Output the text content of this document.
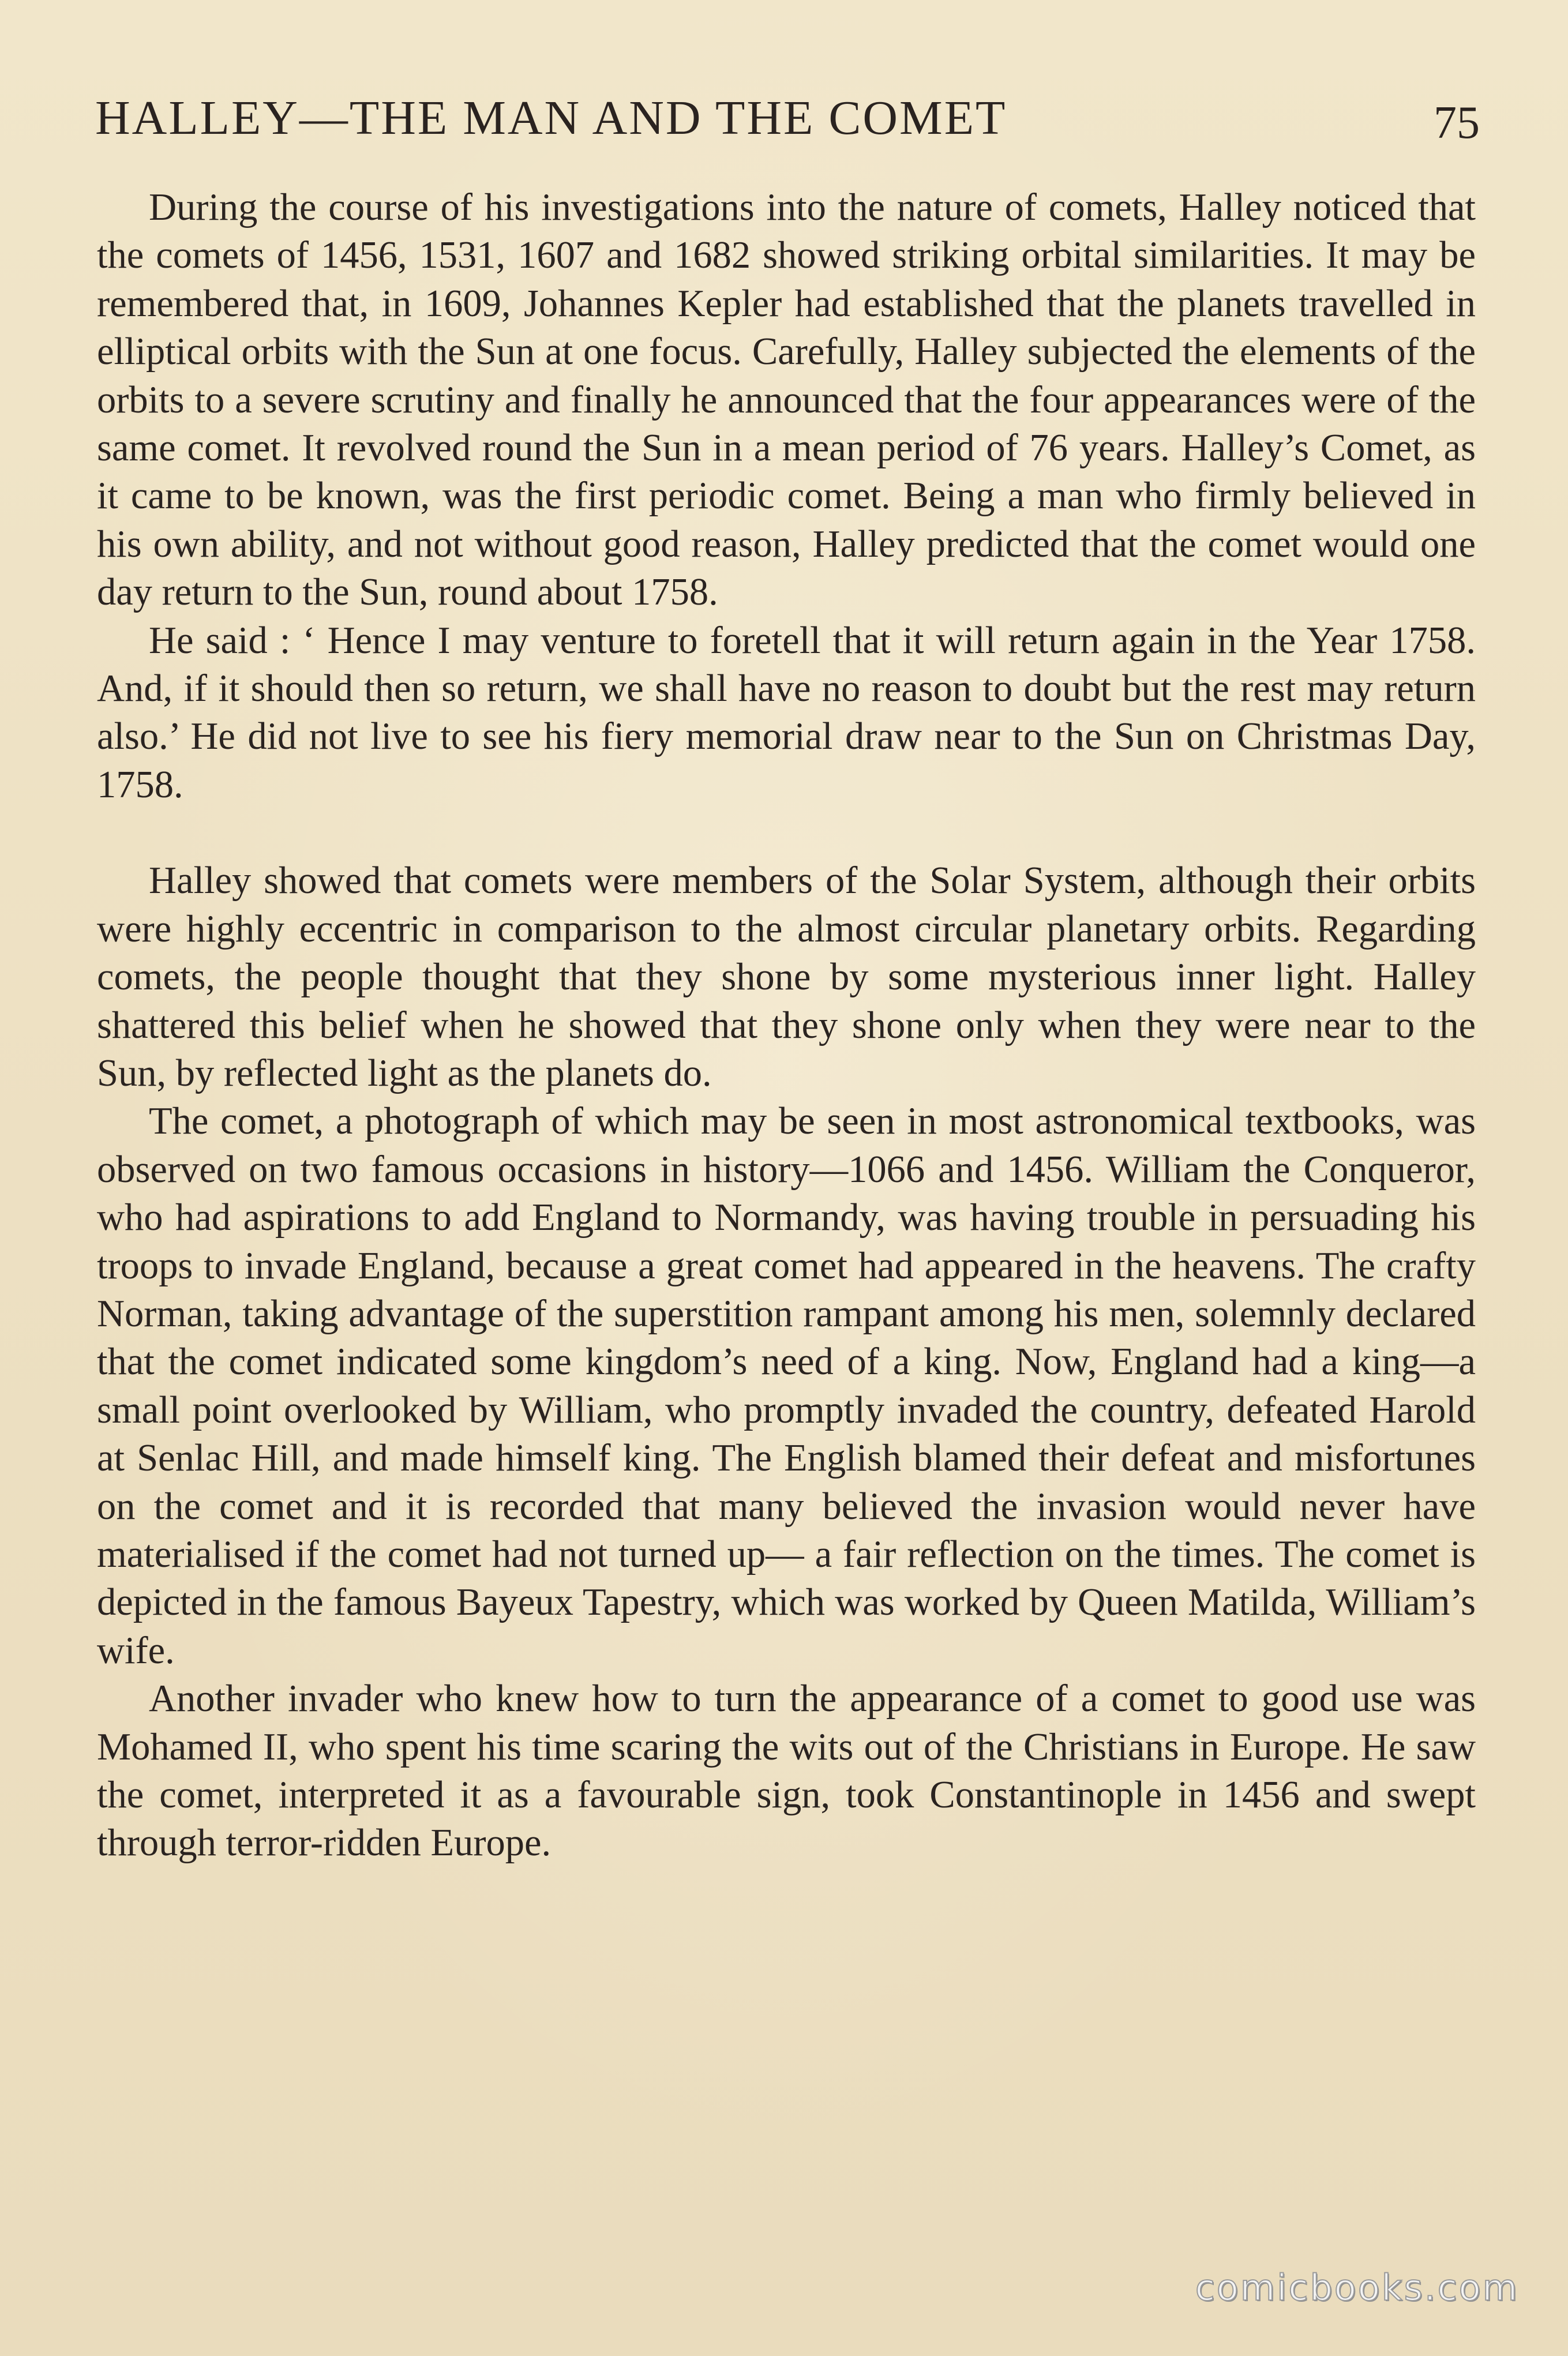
HALLEY—THE MAN AND THE COMET	75

During the course of his investigations into the nature of comets, Halley noticed that the comets of 1456, 1531, 1607 and 1682 showed striking orbital similarities. It may be remembered that, in 1609, Johannes Kepler had established that the planets travelled in elliptical orbits with the Sun at one focus. Carefully, Halley subjected the elements of the orbits to a severe scrutiny and finally he announced that the four appearances were of the same comet. It revolved round the Sun in a mean period of 76 years. Halley’s Comet, as it came to be known, was the first periodic comet. Being a man who firmly believed in his own ability, and not without good reason, Halley predicted that the comet would one day return to the Sun, round about 1758.

He said : ‘ Hence I may venture to foretell that it will return again in the Year 1758. And, if it should then so return, we shall have no reason to doubt but the rest may return also.’ He did not live to see his fiery memorial draw near to the Sun on Christmas Day, 1758.

Halley showed that comets were members of the Solar System, although their orbits were highly eccentric in comparison to the almost circular planetary orbits. Regarding comets, the people thought that they shone by some mysterious inner light. Halley shattered this belief when he showed that they shone only when they were near to the Sun, by reflected light as the planets do.

The comet, a photograph of which may be seen in most astronomical textbooks, was observed on two famous occasions in history—1066 and 1456. William the Conqueror, who had aspirations to add England to Normandy, was having trouble in persuading his troops to invade England, because a great comet had appeared in the heavens. The crafty Norman, taking advantage of the superstition rampant among his men, solemnly declared that the comet indicated some kingdom’s need of a king. Now, England had a king—a small point overlooked by William, who promptly invaded the country, defeated Harold at Senlac Hill, and made himself king. The English blamed their defeat and misfortunes on the comet and it is recorded that many believed the invasion would never have materialised if the comet had not turned up— a fair reflection on the times. The comet is depicted in the famous Bayeux Tapestry, which was worked by Queen Matilda, William’s wife.

Another invader who knew how to turn the appearance of a comet to good use was Mohamed II, who spent his time scaring the wits out of the Christians in Europe. He saw the comet, interpreted it as a favourable sign, took Constantinople in 1456 and swept through terror-ridden Europe.

comicbooks.com
